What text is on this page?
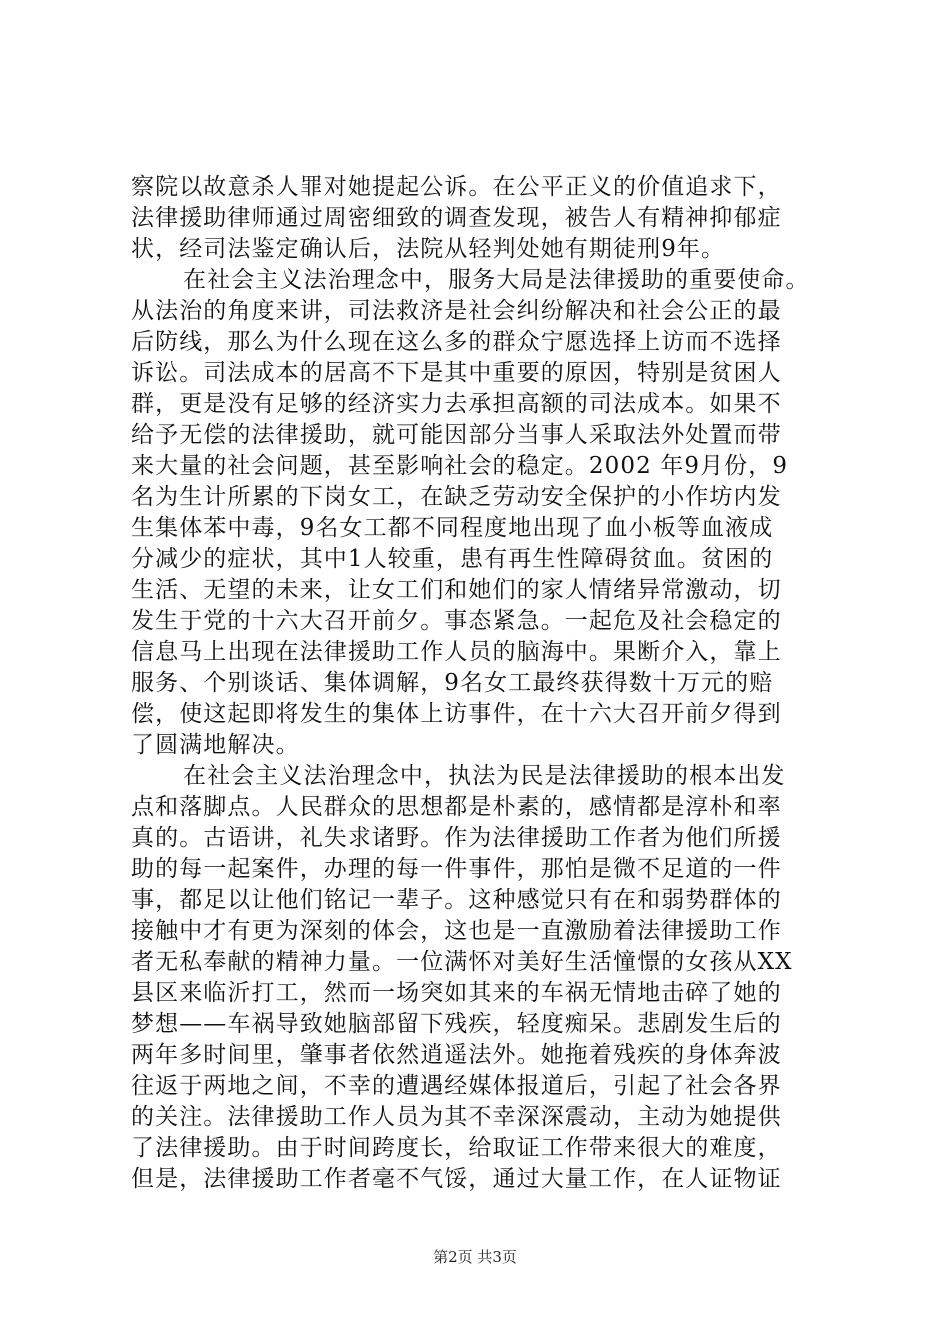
察院以故意杀人罪对她提起公诉。在公平正义的价值追求下，
法律援助律师通过周密细致的调查发现，被告人有精神抑郁症
状，经司法鉴定确认后，法院从轻判处她有期徒刑9年。
在社会主义法治理念中，服务大局是法律援助的重要使命。
从法治的角度来讲，司法救济是社会纠纷解决和社会公正的最
后防线，那么为什么现在这么多的群众宁愿选择上访而不选择
诉讼。司法成本的居高不下是其中重要的原因，特别是贫困人
群，更是没有足够的经济实力去承担高额的司法成本。如果不
给予无偿的法律援助，就可能因部分当事人采取法外处置而带
来大量的社会问题，甚至影响社会的稳定。2002 年9月份，9
名为生计所累的下岗女工，在缺乏劳动安全保护的小作坊内发
生集体苯中毒，9名女工都不同程度地出现了血小板等血液成
分减少的症状，其中1人较重，患有再生性障碍贫血。贫困的
生活、无望的未来，让女工们和她们的家人情绪异常激动，切
发生于党的十六大召开前夕。事态紧急。一起危及社会稳定的
信息马上出现在法律援助工作人员的脑海中。果断介入，靠上
服务、个别谈话、集体调解，9名女工最终获得数十万元的赔
偿，使这起即将发生的集体上访事件，在十六大召开前夕得到
了圆满地解决。
在社会主义法治理念中，执法为民是法律援助的根本出发
点和落脚点。人民群众的思想都是朴素的，感情都是淳朴和率
真的。古语讲，礼失求诸野。作为法律援助工作者为他们所援
助的每一起案件，办理的每一件事件，那怕是微不足道的一件
事，都足以让他们铭记一辈子。这种感觉只有在和弱势群体的
接触中才有更为深刻的体会，这也是一直激励着法律援助工作
者无私奉献的精神力量。一位满怀对美好生活憧憬的女孩从XX
县区来临沂打工，然而一场突如其来的车祸无情地击碎了她的
梦想——车祸导致她脑部留下残疾，轻度痴呆。悲剧发生后的
两年多时间里，肇事者依然逍遥法外。她拖着残疾的身体奔波
往返于两地之间，不幸的遭遇经媒体报道后，引起了社会各界
的关注。法律援助工作人员为其不幸深深震动，主动为她提供
了法律援助。由于时间跨度长，给取证工作带来很大的难度，
但是，法律援助工作者毫不气馁，通过大量工作，在人证物证
第2页 共3页
